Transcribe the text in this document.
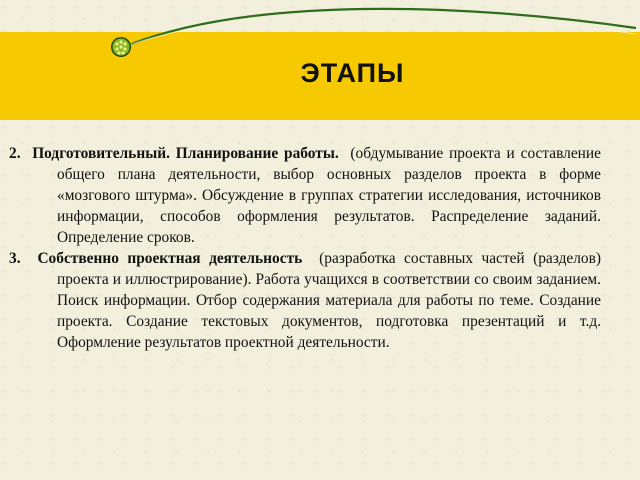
ЭТАПЫ

2. Подготовительный. Планирование работы. (обдумывание проекта и составление общего плана деятельности, выбор основных разделов проекта в форме «мозгового штурма». Обсуждение в группах стратегии исследования, источников информации, способов оформления результатов. Распределение заданий. Определение сроков.

3. Собственно проектная деятельность (разработка составных частей (разделов) проекта и иллюстрирование). Работа учащихся в соответствии со своим заданием. Поиск информации. Отбор содержания материала для работы по теме. Создание проекта. Создание текстовых документов, подготовка презентаций и т.д. Оформление результатов проектной деятельности.
